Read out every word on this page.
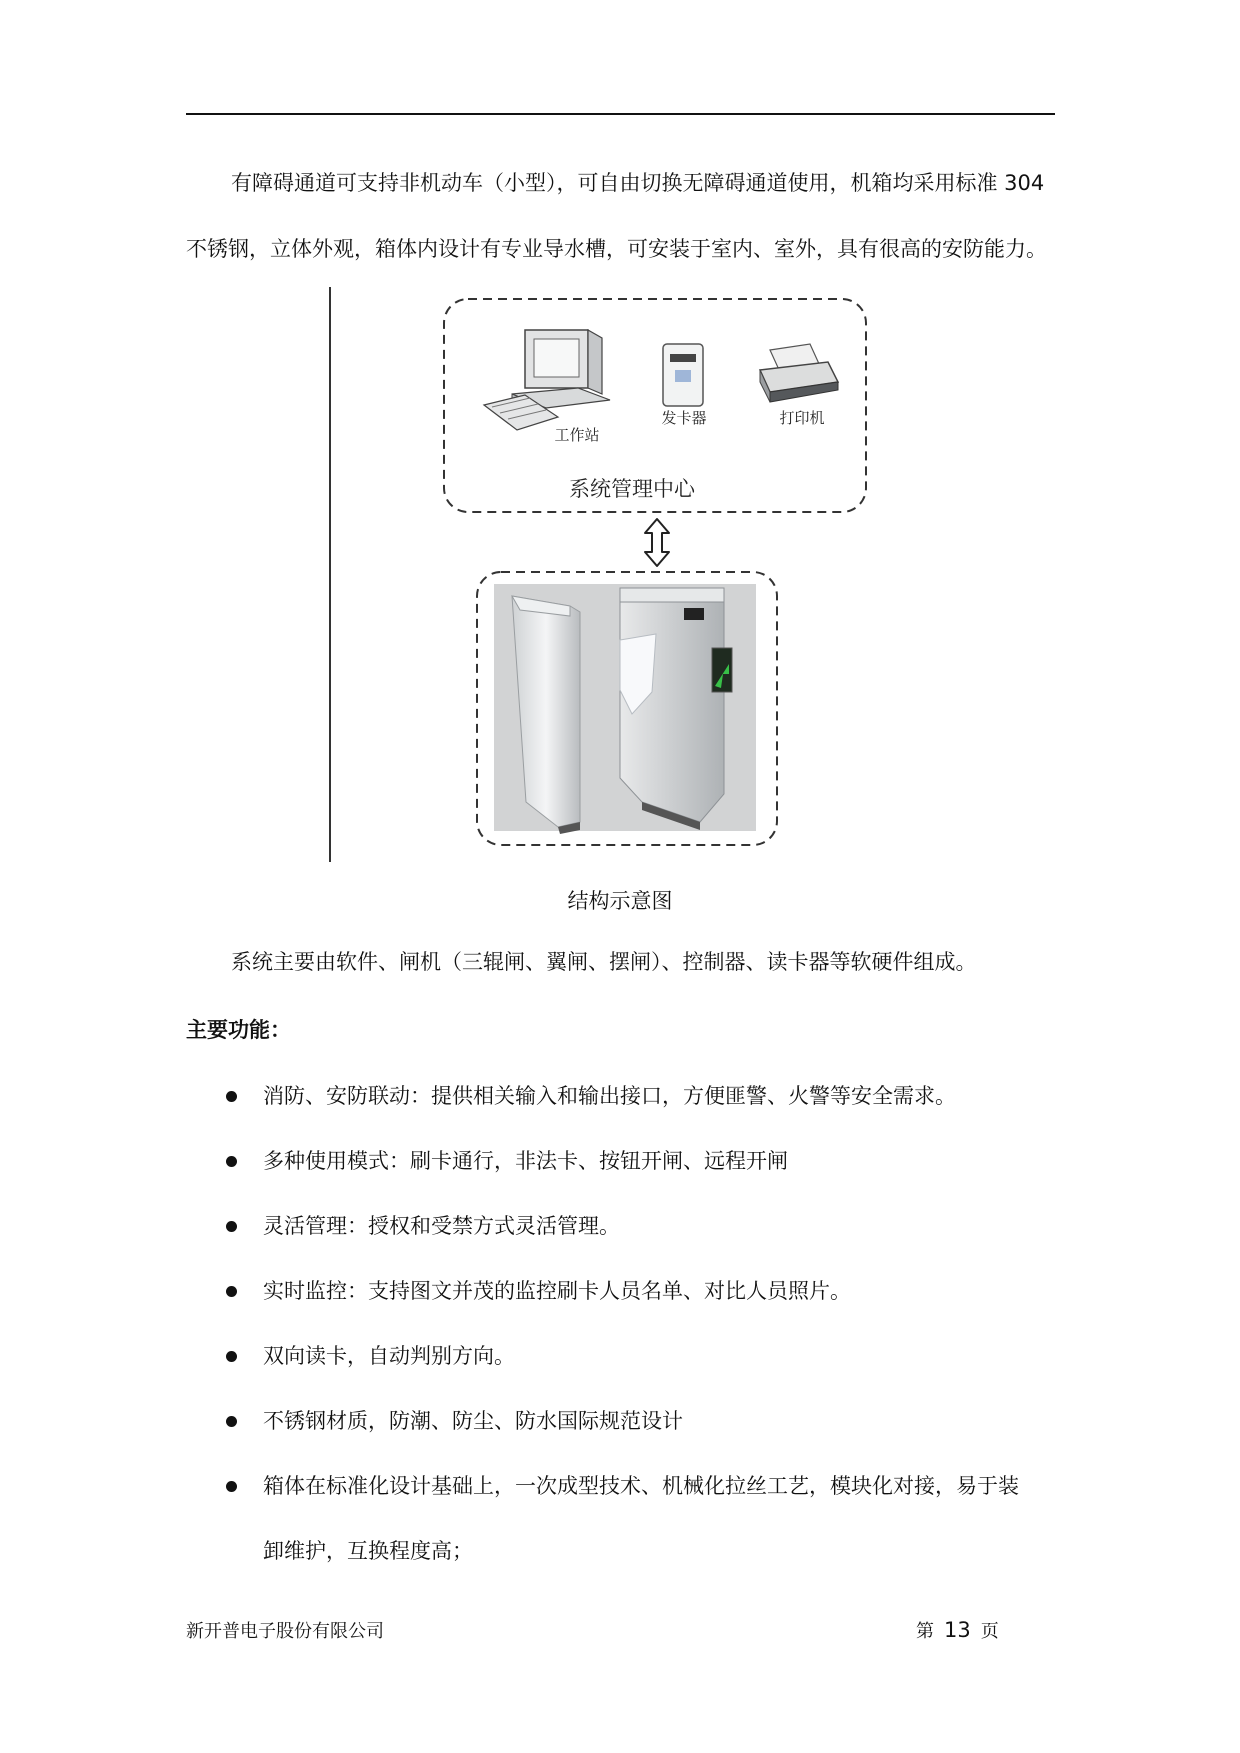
有障碍通道可支持非机动车（小型），可自由切换无障碍通道使用，机箱均采用标准 304
不锈钢，立体外观，箱体内设计有专业导水槽，可安装于室内、室外，具有很高的安防能力。
工作站
发卡器	打印机
系统管理中心
结构示意图
系统主要由软件、闸机（三辊闸、翼闸、摆闸）、控制器、读卡器等软硬件组成。
主要功能：
消防、安防联动：提供相关输入和输出接口，方便匪警、火警等安全需求。
多种使用模式：刷卡通行，非法卡、按钮开闸、远程开闸
灵活管理：授权和受禁方式灵活管理。
实时监控：支持图文并茂的监控刷卡人员名单、对比人员照片。
双向读卡，自动判别方向。
不锈钢材质，防潮、防尘、防水国际规范设计
箱体在标准化设计基础上，一次成型技术、机械化拉丝工艺，模块化对接，易于装
卸维护，互换程度高；
新开普电子股份有限公司	第 13 页
